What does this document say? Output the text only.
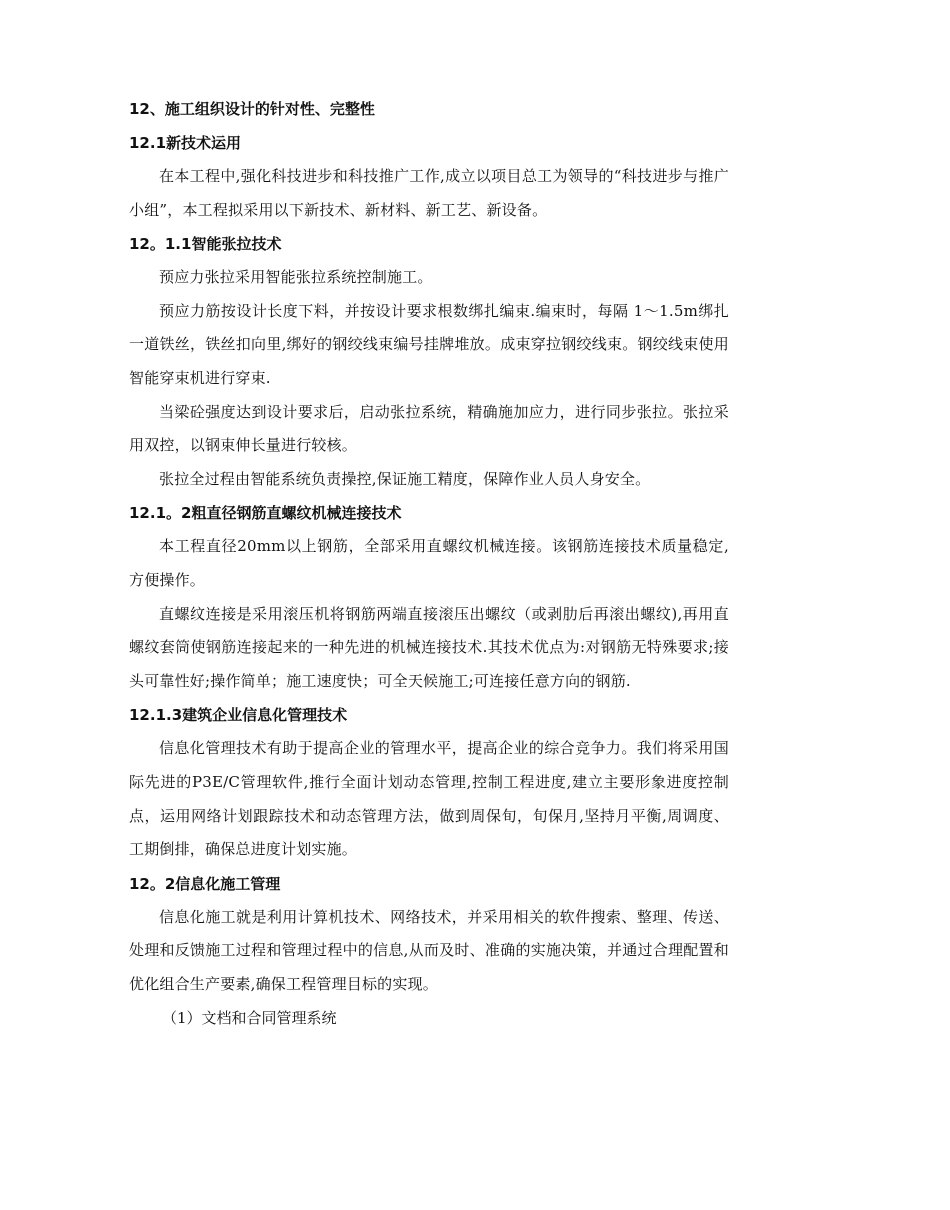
12、施工组织设计的针对性、完整性
12.1新技术运用
在本工程中,强化科技进步和科技推广工作,成立以项目总工为领导的“科技进步与推广小组”，本工程拟采用以下新技术、新材料、新工艺、新设备。
12。1.1智能张拉技术
预应力张拉采用智能张拉系统控制施工。
预应力筋按设计长度下料，并按设计要求根数绑扎编束.编束时，每隔 1～1.5m绑扎一道铁丝，铁丝扣向里,绑好的钢绞线束编号挂牌堆放。成束穿拉钢绞线束。钢绞线束使用智能穿束机进行穿束.
当梁砼强度达到设计要求后，启动张拉系统，精确施加应力，进行同步张拉。张拉采用双控，以钢束伸长量进行较核。
张拉全过程由智能系统负责操控,保证施工精度，保障作业人员人身安全。
12.1。2粗直径钢筋直螺纹机械连接技术
本工程直径20mm以上钢筋，全部采用直螺纹机械连接。该钢筋连接技术质量稳定,方便操作。
直螺纹连接是采用滚压机将钢筋两端直接滚压出螺纹（或剥肋后再滚出螺纹),再用直螺纹套筒使钢筋连接起来的一种先进的机械连接技术.其技术优点为:对钢筋无特殊要求;接头可靠性好;操作简单；施工速度快；可全天候施工;可连接任意方向的钢筋.
12.1.3建筑企业信息化管理技术
信息化管理技术有助于提高企业的管理水平，提高企业的综合竞争力。我们将采用国际先进的P3E/C管理软件,推行全面计划动态管理,控制工程进度,建立主要形象进度控制点，运用网络计划跟踪技术和动态管理方法，做到周保旬，旬保月,坚持月平衡,周调度、工期倒排，确保总进度计划实施。
12。2信息化施工管理
信息化施工就是利用计算机技术、网络技术，并采用相关的软件搜索、整理、传送、处理和反馈施工过程和管理过程中的信息,从而及时、准确的实施决策，并通过合理配置和优化组合生产要素,确保工程管理目标的实现。
（1）文档和合同管理系统
